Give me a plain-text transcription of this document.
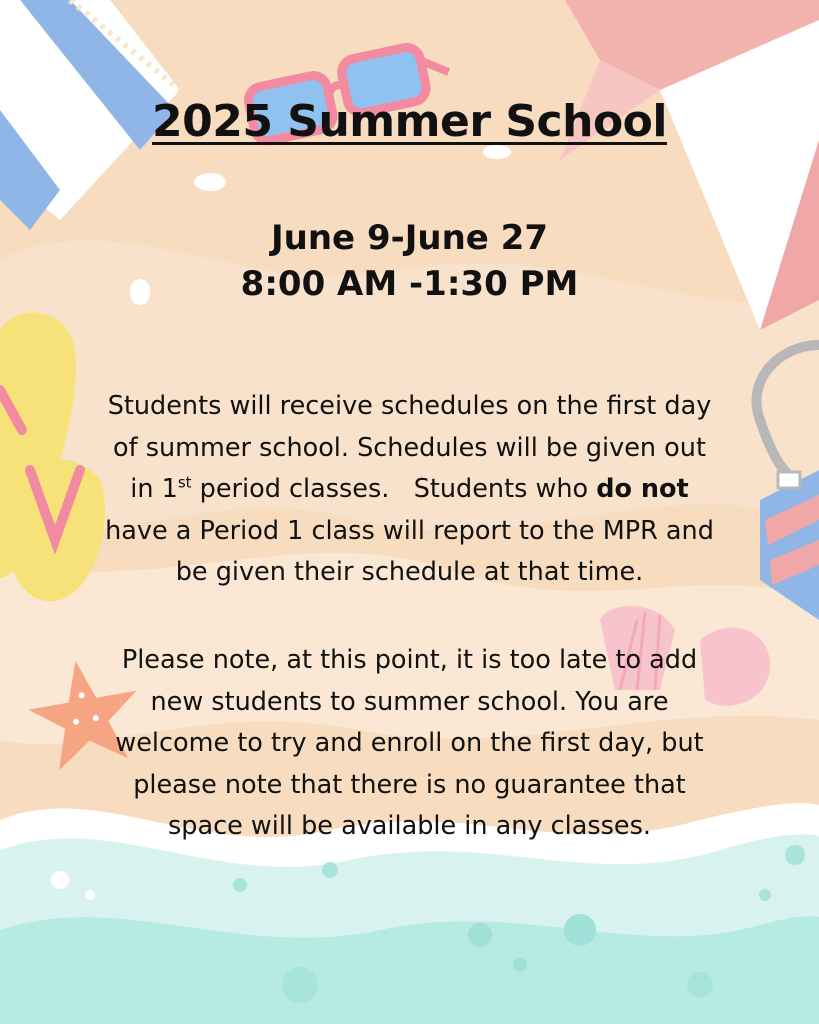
2025 Summer School
June 9-June 27
8:00 AM -1:30 PM
Students will receive schedules on the first day
of summer school. Schedules will be given out
in 1st period classes.   Students who do not
have a Period 1 class will report to the MPR and
be given their schedule at that time.
Please note, at this point, it is too late to add
new students to summer school. You are
welcome to try and enroll on the first day, but
please note that there is no guarantee that
space will be available in any classes.
